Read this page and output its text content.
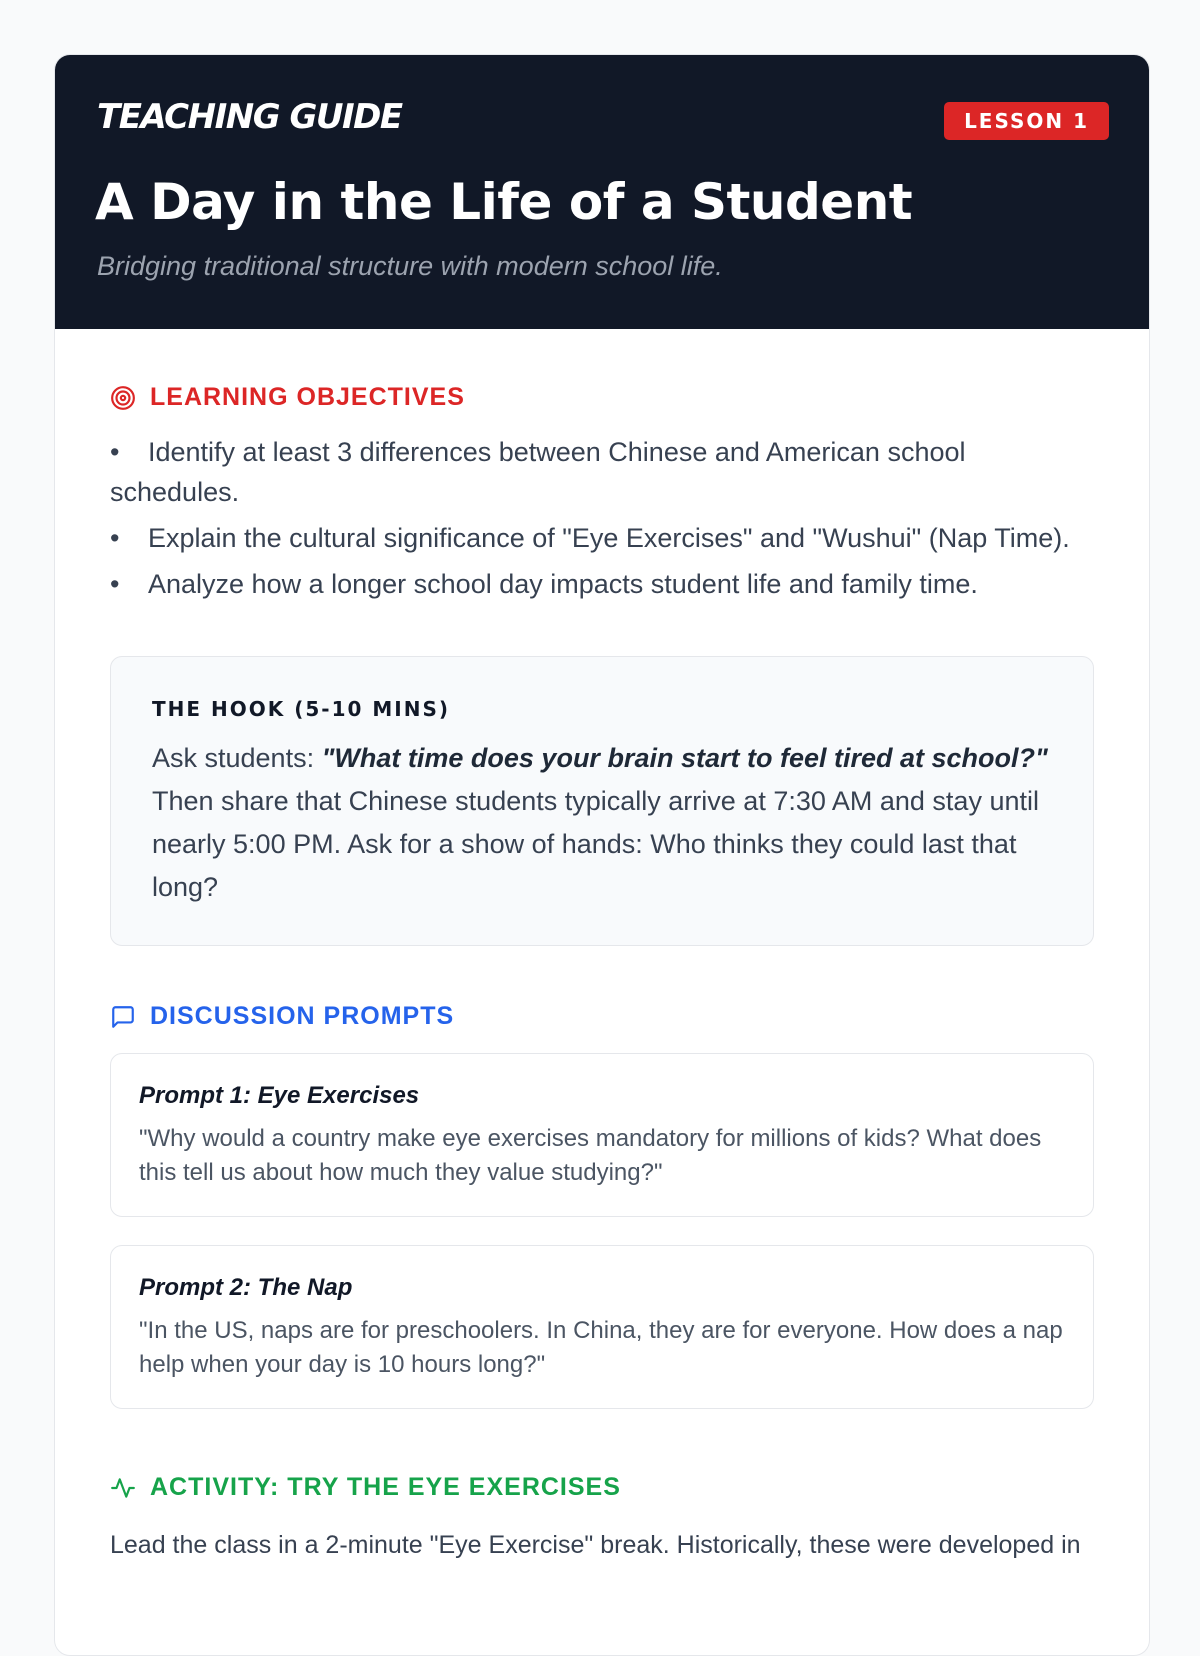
TEACHING GUIDE	LESSON 1
A Day in the Life of a Student
Bridging traditional structure with modern school life.
LEARNING OBJECTIVES
• Identify at least 3 differences between Chinese and American school schedules.
• Explain the cultural significance of "Eye Exercises" and "Wushui" (Nap Time).
• Analyze how a longer school day impacts student life and family time.
THE HOOK (5-10 MINS)
Ask students: "What time does your brain start to feel tired at school?" Then share that Chinese students typically arrive at 7:30 AM and stay until nearly 5:00 PM. Ask for a show of hands: Who thinks they could last that long?
DISCUSSION PROMPTS
Prompt 1: Eye Exercises
"Why would a country make eye exercises mandatory for millions of kids? What does this tell us about how much they value studying?"
Prompt 2: The Nap
"In the US, naps are for preschoolers. In China, they are for everyone. How does a nap help when your day is 10 hours long?"
ACTIVITY: TRY THE EYE EXERCISES
Lead the class in a 2-minute "Eye Exercise" break. Historically, these were developed in
